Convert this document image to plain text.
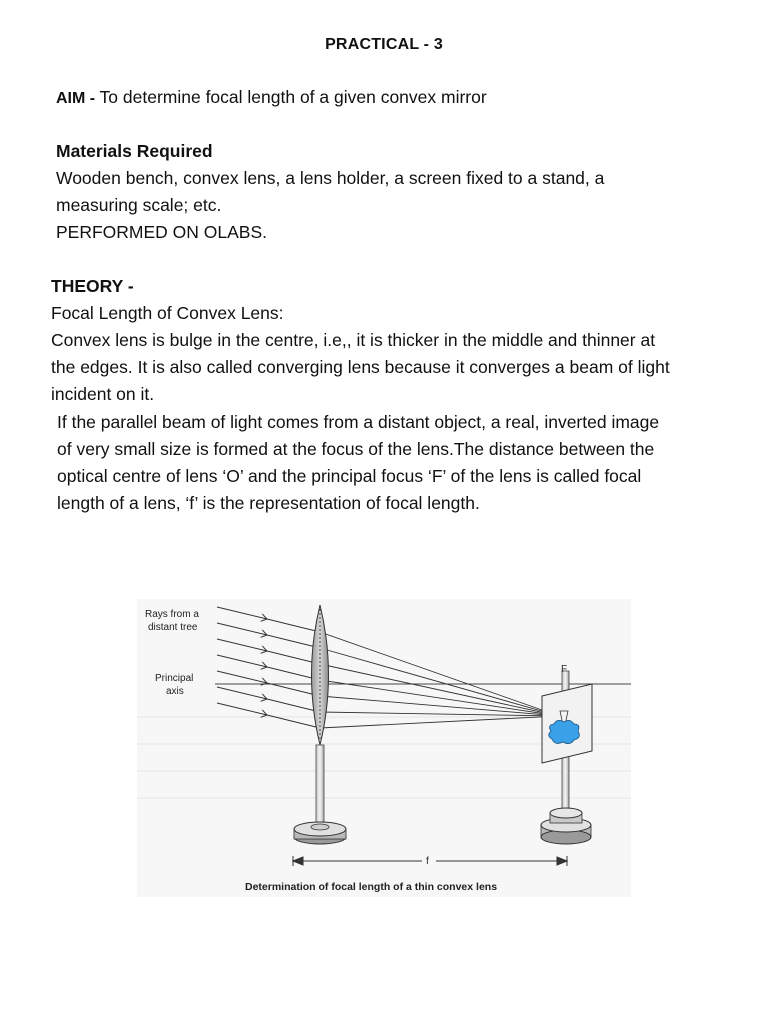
PRACTICAL - 3
AIM - To determine focal length of a given convex mirror
Materials Required
Wooden bench, convex lens, a lens holder, a screen fixed to a stand, a
measuring scale; etc.
PERFORMED ON OLABS.
THEORY -
Focal Length of Convex Lens:
Convex lens is bulge in the centre, i.e,, it is thicker in the middle and thinner at
the edges. It is also called converging lens because it converges a beam of light
incident on it.
If the parallel beam of light comes from a distant object, a real, inverted image
of very small size is formed at the focus of the lens.The distance between the
optical centre of lens ‘O’ and the principal focus ‘F’ of the lens is called focal
length of a lens, ‘f’ is the representation of focal length.
Rays from a
distant tree
Principal
axis
F
f
Determination of focal length of a thin convex lens
